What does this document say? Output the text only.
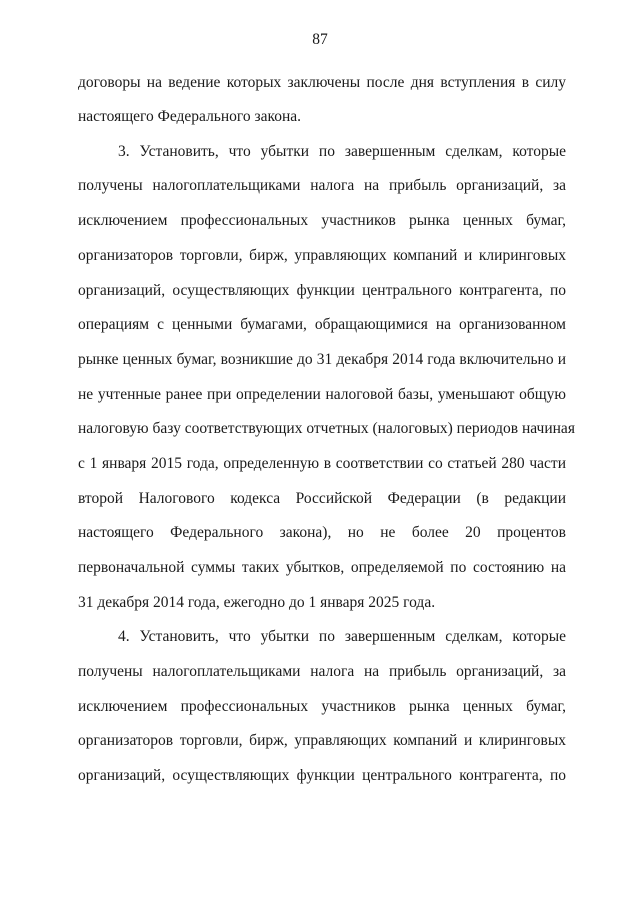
87
договоры на ведение которых заключены после дня вступления в силу
настоящего Федерального закона.
3. Установить, что убытки по завершенным сделкам, которые
получены налогоплательщиками налога на прибыль организаций, за
исключением профессиональных участников рынка ценных бумаг,
организаторов торговли, бирж, управляющих компаний и клиринговых
организаций, осуществляющих функции центрального контрагента, по
операциям с ценными бумагами, обращающимися на организованном
рынке ценных бумаг, возникшие до 31 декабря 2014 года включительно и
не учтенные ранее при определении налоговой базы, уменьшают общую
налоговую базу соответствующих отчетных (налоговых) периодов начиная
с 1 января 2015 года, определенную в соответствии со статьей 280 части
второй Налогового кодекса Российской Федерации (в редакции
настоящего Федерального закона), но не более 20 процентов
первоначальной суммы таких убытков, определяемой по состоянию на
31 декабря 2014 года, ежегодно до 1 января 2025 года.
4. Установить, что убытки по завершенным сделкам, которые
получены налогоплательщиками налога на прибыль организаций, за
исключением профессиональных участников рынка ценных бумаг,
организаторов торговли, бирж, управляющих компаний и клиринговых
организаций, осуществляющих функции центрального контрагента, по
